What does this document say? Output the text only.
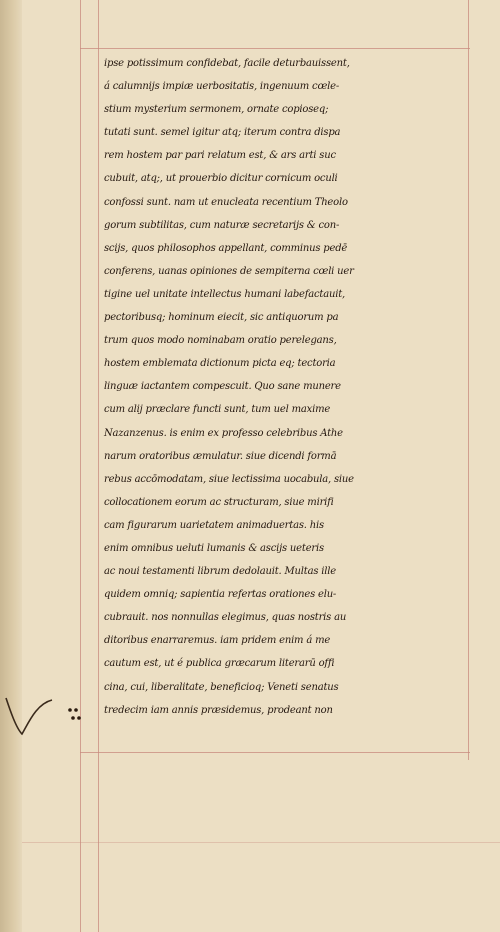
ipse potissimum confidebat, facile deturbauissent,
á calumnijs impiæ uerbositatis, ingenuum cœle-
stium mysterium sermonem, ornate copioseq;
tutati sunt. semel igitur atq; iterum contra dispa
rem hostem par pari relatum est, & ars arti suc
cubuit, atq;, ut prouerbio dicitur cornicum oculi
confossi sunt. nam ut enucleata recentium Theolo
gorum subtilitas, cum naturæ secretarijs & con-
scijs, quos philosophos appellant, comminus pedē
conferens, uanas opiniones de sempiterna cœli uer
tigine uel unitate intellectus humani labefactauit,
pectoribusq; hominum eiecit, sic antiquorum pa
trum quos modo nominabam oratio perelegans,
hostem emblemata dictionum picta eq; tectoria
linguæ iactantem compescuit. Quo sane munere
cum alij præclare functi sunt, tum uel maxime
Nazanzenus. is enim ex professo celebribus Athe
narum oratoribus æmulatur. siue dicendi formā
rebus accōmodatam, siue lectissima uocabula, siue
collocationem eorum ac structuram, siue mirifi
cam figurarum uarietatem animaduertas. his
enim omnibus ueluti lumanis & ascijs ueteris
ac noui testamenti librum dedolauit. Multas ille
quidem omniq; sapientia refertas orationes elu-
cubrauit. nos nonnullas elegimus, quas nostris au
ditoribus enarraremus. iam pridem enim á me
cautum est, ut é publica græcarum literarū offi
cina, cui, liberalitate, beneficioq; Veneti senatus
tredecim iam annis præsidemus, prodeant non
